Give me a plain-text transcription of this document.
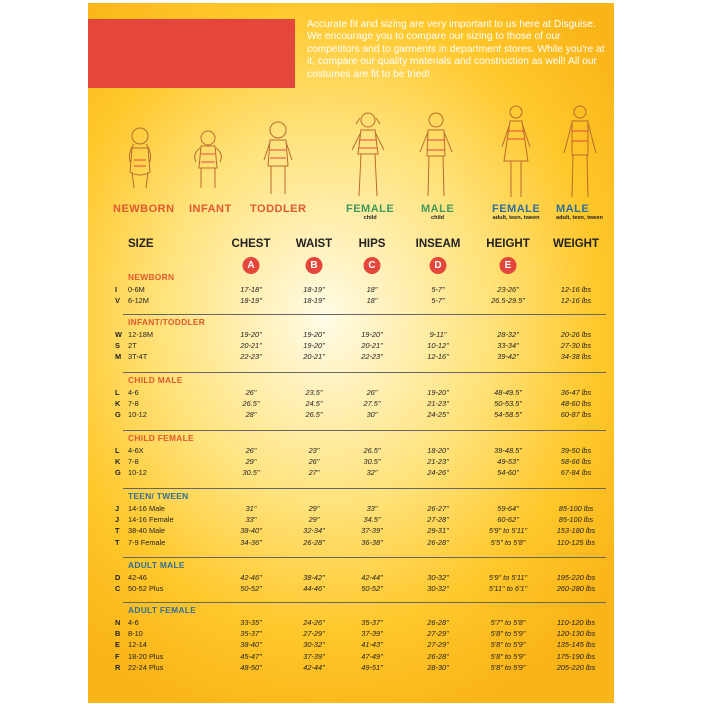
Accurate fit and sizing are very important to us here at Disguise. We encourage you to compare our sizing to those of our competitors and to garments in department stores. While you're at it, compare our quality materials and construction as well! All our costumes are fit to be tried!

NEWBORN INFANT TODDLER	FEMALE
child
MALE
child
FEMALE
adult, teen, tween
MALE
adult, teen, tween
SIZE	CHEST WAIST HIPS	INSEAM HEIGHT WEIGHT
A	B	C	D	E
NEWBORN
I 0-6M	17-18"	18-19"	18"	5-7"	23-26"	12-16 lbs
V 6-12M	18-19"	18-19"	18"	5-7"	26.5-29.5"	12-16 lbs
INFANT/TODDLER
W 12-18M	19-20"	19-20"	19-20"	9-11"	28-32"	20-26 lbs
S 2T	20-21"	19-20"	20-21"	10-12"	33-34"	27-30 lbs
M 3T-4T	22-23"	20-21"	22-23"	12-16"	39-42"	34-38 lbs
CHILD MALE
L 4-6	26"	23.5"	26"	19-20"	48-49.5"	36-47 lbs
K 7-8	26.5"	24.5"	27.5"	21-23"	50-53.5"	48-60 lbs
G 10-12	28"	26.5"	30"	24-25"	54-58.5"	60-87 lbs
CHILD FEMALE
L 4-6X	26"	23"	26.5"	18-20"	39-48.5"	39-50 lbs
K 7-8	29"	26"	30.5"	21-23"	49-53"	58-66 lbs
G 10-12	30.5"	27"	32"	24-26"	54-60"	67-84 lbs
TEEN/ TWEEN
J 14-16 Male	31"	29"	33"	26-27"	59-64"	85-100 lbs
J 14-16 Female	33"	29"	34.5"	27-28"	60-62"	85-100 lbs
T 38-40 Male	38-40"	32-34"	37-39"	29-31"	5'9" to 5'11"	153-180 lbs
T 7-9 Female	34-36"	26-28"	36-38"	26-28"	5'5" to 5'8"	110-125 lbs
ADULT MALE
D 42-46	42-46"	38-42"	42-44"	30-32"	5'9" to 5'11"	195-220 lbs
C 50-52 Plus	50-52"	44-46"	50-52"	30-32"	5'11" to 6'1"	260-280 lbs
ADULT FEMALE
N 4-6	33-35"	24-26"	35-37"	26-28"	5'7" to 5'8"	110-120 lbs
B 8-10	35-37"	27-29"	37-39"	27-29"	5'8" to 5'9"	120-130 lbs
E 12-14	38-40"	30-32"	41-43"	27-29"	5'8" to 5'9"	135-145 lbs
F 18-20 Plus	45-47"	37-39"	47-49"	26-28"	5'8" to 5'9"	175-190 lbs
R 22-24 Plus	48-50"	42-44"	49-51"	28-30"	5'8" to 5'9"	205-220 lbs
